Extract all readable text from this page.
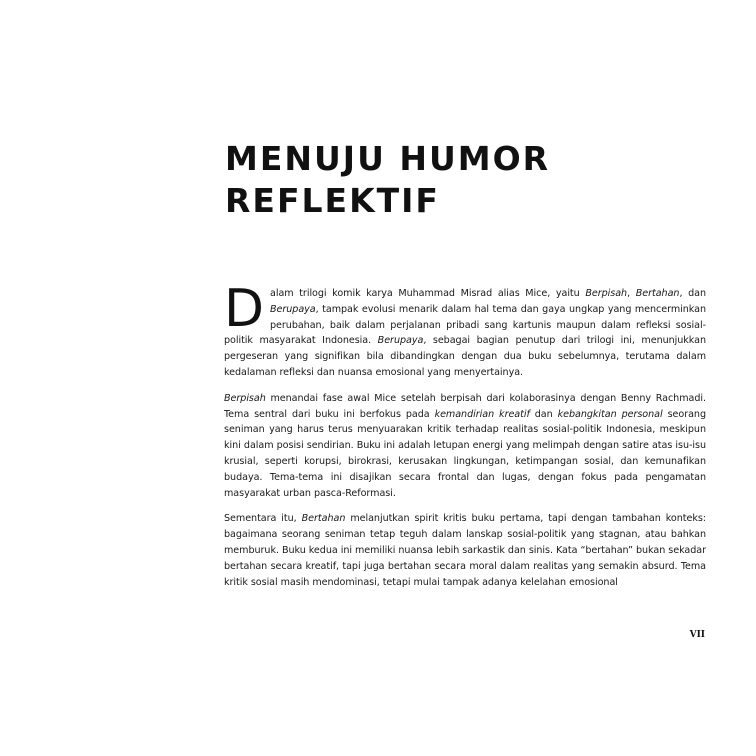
MENUJU HUMOR
REFLEKTIF

Dalam trilogi komik karya Muhammad Misrad alias Mice, yaitu Berpisah, Bertahan, dan Berupaya, tampak evolusi menarik dalam hal tema dan gaya ungkap yang mencerminkan perubahan, baik dalam perjalanan pribadi sang kartunis maupun dalam refleksi sosial-politik masyarakat Indonesia. Berupaya, sebagai bagian penutup dari trilogi ini, menunjukkan pergeseran yang signifikan bila dibandingkan dengan dua buku sebelumnya, terutama dalam kedalaman refleksi dan nuansa emosional yang menyertainya.

Berpisah menandai fase awal Mice setelah berpisah dari kolaborasinya dengan Benny Rachmadi. Tema sentral dari buku ini berfokus pada kemandirian kreatif dan kebangkitan personal seorang seniman yang harus terus menyuarakan kritik terhadap realitas sosial-politik Indonesia, meskipun kini dalam posisi sendirian. Buku ini adalah letupan energi yang melimpah dengan satire atas isu-isu krusial, seperti korupsi, birokrasi, kerusakan lingkungan, ketimpangan sosial, dan kemunafikan budaya. Tema-tema ini disajikan secara frontal dan lugas, dengan fokus pada pengamatan masyarakat urban pasca-Reformasi.

Sementara itu, Bertahan melanjutkan spirit kritis buku pertama, tapi dengan tambahan konteks: bagaimana seorang seniman tetap teguh dalam lanskap sosial-politik yang stagnan, atau bahkan memburuk. Buku kedua ini memiliki nuansa lebih sarkastik dan sinis. Kata “bertahan” bukan sekadar bertahan secara kreatif, tapi juga bertahan secara moral dalam realitas yang semakin absurd. Tema kritik sosial masih mendominasi, tetapi mulai tampak adanya kelelahan emosional

VII
